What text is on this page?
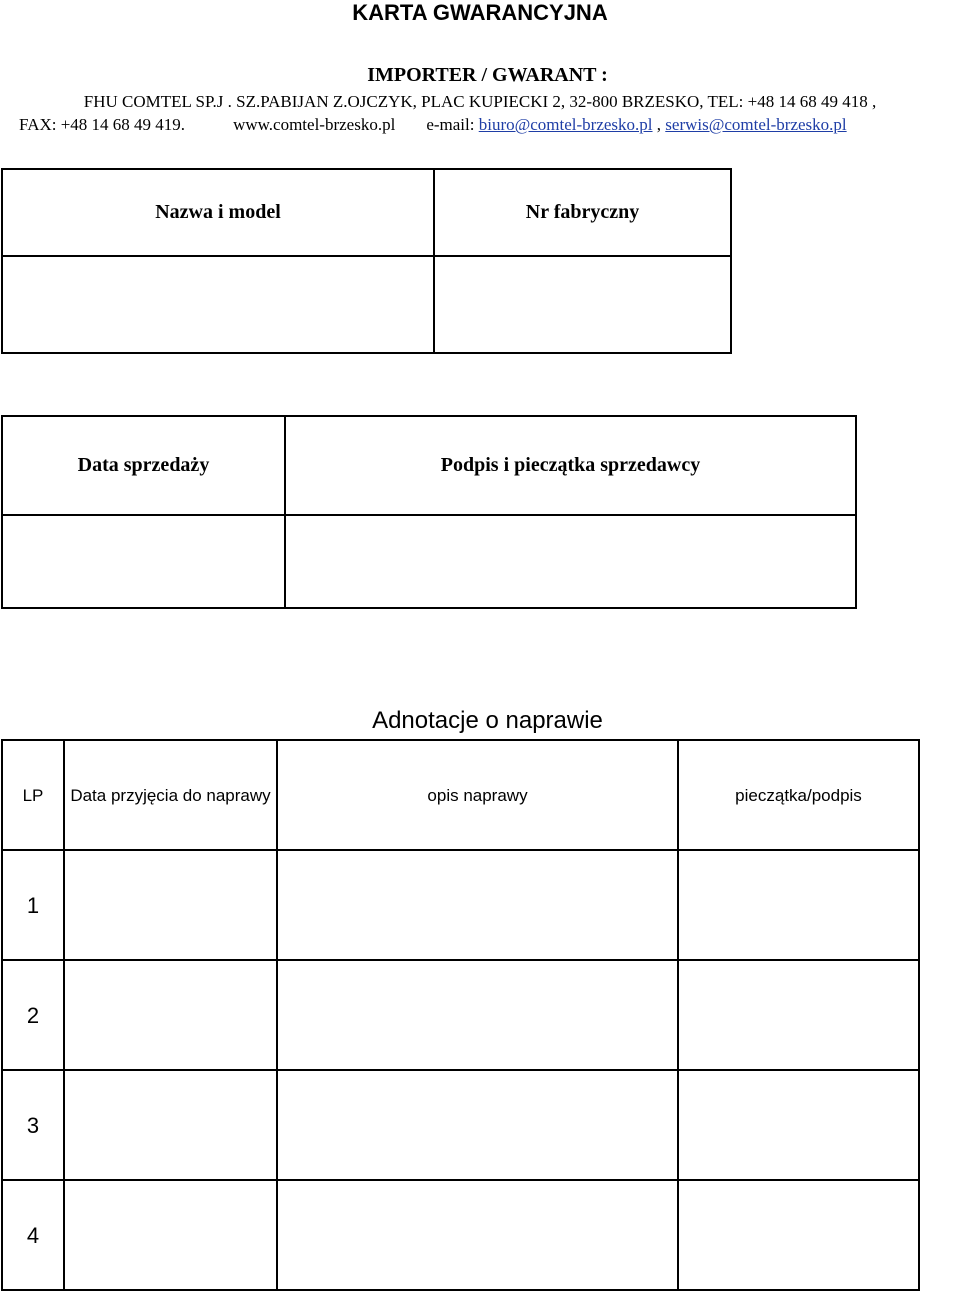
KARTA GWARANCYJNA
IMPORTER / GWARANT :
FHU COMTEL SP.J . SZ.PABIJAN Z.OJCZYK, PLAC KUPIECKI 2, 32-800 BRZESKO, TEL: +48 14 68 49 418 ,
FAX: +48 14 68 49 419.	www.comtel-brzesko.pl e-mail: biuro@comtel-brzesko.pl , serwis@comtel-brzesko.pl
Nazwa i model	Nr fabryczny

Data sprzedaży	Podpis i pieczątka sprzedawcy

Adnotacje o naprawie
LP	Data przyjęcia do naprawy	opis naprawy	pieczątka/podpis
1			
2			
3			
4			
